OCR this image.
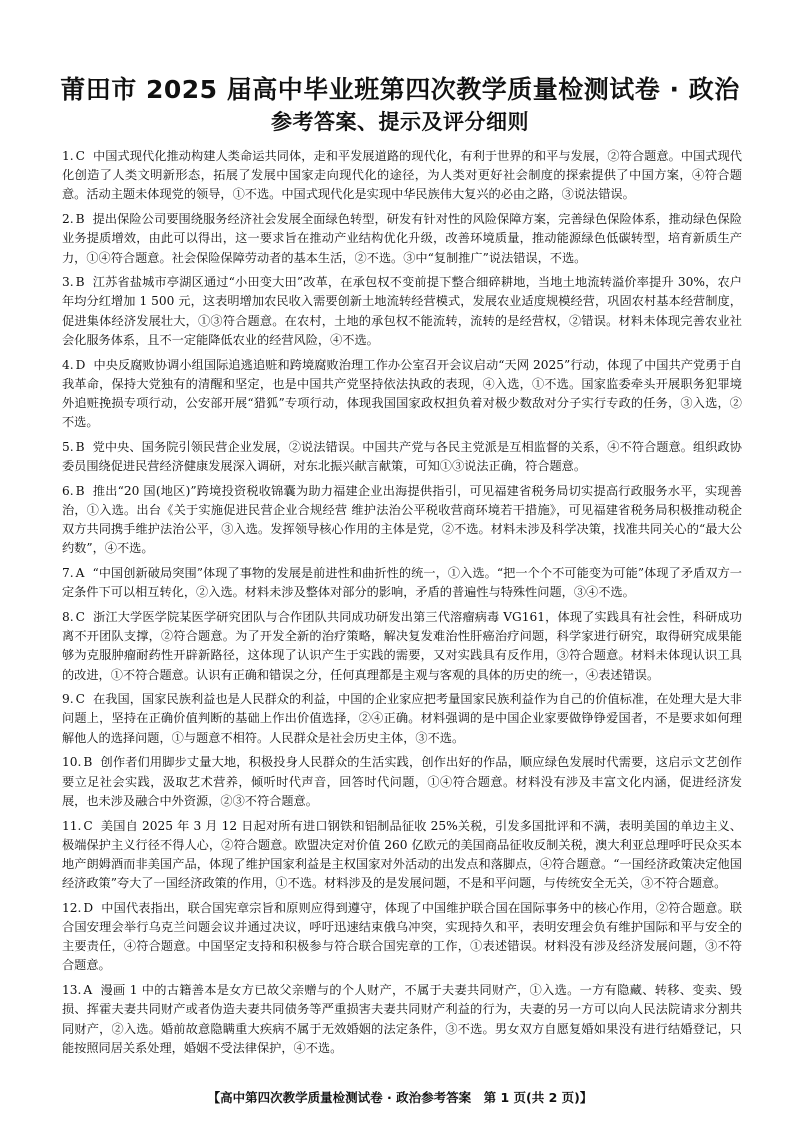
莆田市 2025 届高中毕业班第四次教学质量检测试卷 · 政治
参考答案、提示及评分细则

1. C 中国式现代化推动构建人类命运共同体，走和平发展道路的现代化，有利于世界的和平与发展，②符合题意。中国式现代化创造了人类文明新形态，拓展了发展中国家走向现代化的途径，为人类对更好社会制度的探索提供了中国方案，④符合题意。活动主题未体现党的领导，①不选。中国式现代化是实现中华民族伟大复兴的必由之路，③说法错误。

2. B 提出保险公司要围绕服务经济社会发展全面绿色转型，研发有针对性的风险保障方案，完善绿色保险体系，推动绿色保险业务提质增效，由此可以得出，这一要求旨在推动产业结构优化升级，改善环境质量，推动能源绿色低碳转型，培育新质生产力，①④符合题意。社会保险保障劳动者的基本生活，②不选。③中“复制推广”说法错误，不选。

3. B 江苏省盐城市亭湖区通过“小田变大田”改革，在承包权不变前提下整合细碎耕地，当地土地流转溢价率提升 30%，农户年均分红增加 1 500 元，这表明增加农民收入需要创新土地流转经营模式，发展农业适度规模经营，巩固农村基本经营制度，促进集体经济发展壮大，①③符合题意。在农村，土地的承包权不能流转，流转的是经营权，②错误。材料未体现完善农业社会化服务体系，且不一定能降低农业的经营风险，④不选。

4. D 中央反腐败协调小组国际追逃追赃和跨境腐败治理工作办公室召开会议启动“天网 2025”行动，体现了中国共产党勇于自我革命，保持大党独有的清醒和坚定，也是中国共产党坚持依法执政的表现，④入选，①不选。国家监委牵头开展职务犯罪境外追赃挽损专项行动，公安部开展“猎狐”专项行动，体现我国国家政权担负着对极少数敌对分子实行专政的任务，③入选，②不选。

5. B 党中央、国务院引领民营企业发展，②说法错误。中国共产党与各民主党派是互相监督的关系，④不符合题意。组织政协委员围绕促进民营经济健康发展深入调研，对东北振兴献言献策，可知①③说法正确，符合题意。

6. B 推出“20 国(地区)”跨境投资税收锦囊为助力福建企业出海提供指引，可见福建省税务局切实提高行政服务水平，实现善治，①入选。出台《关于实施促进民营企业合规经营 维护法治公平税收营商环境若干措施》，可见福建省税务局积极推动税企双方共同携手维护法治公平，③入选。发挥领导核心作用的主体是党，②不选。材料未涉及科学决策，找准共同关心的“最大公约数”，④不选。

7. A “中国创新破局突围”体现了事物的发展是前进性和曲折性的统一，①入选。“把一个个不可能变为可能”体现了矛盾双方一定条件下可以相互转化，②入选。材料未涉及整体对部分的影响，矛盾的普遍性与特殊性问题，③④不选。

8. C 浙江大学医学院某医学研究团队与合作团队共同成功研发出第三代溶瘤病毒 VG161，体现了实践具有社会性，科研成功离不开团队支撑，②符合题意。为了开发全新的治疗策略，解决复发难治性肝癌治疗问题，科学家进行研究，取得研究成果能够为克服肿瘤耐药性开辟新路径，这体现了认识产生于实践的需要，又对实践具有反作用，③符合题意。材料未体现认识工具的改进，①不符合题意。认识有正确和错误之分，任何真理都是主观与客观的具体的历史的统一，④表述错误。

9. C 在我国，国家民族利益也是人民群众的利益，中国的企业家应把考量国家民族利益作为自己的价值标准，在处理大是大非问题上，坚持在正确价值判断的基础上作出价值选择，②④正确。材料强调的是中国企业家要做铮铮爱国者，不是要求如何理解他人的选择问题，①与题意不相符。人民群众是社会历史主体，③不选。

10. B 创作者们用脚步丈量大地，积极投身人民群众的生活实践，创作出好的作品，顺应绿色发展时代需要，这启示文艺创作要立足社会实践，汲取艺术营养，倾听时代声音，回答时代问题，①④符合题意。材料没有涉及丰富文化内涵，促进经济发展，也未涉及融合中外资源，②③不符合题意。

11. C 美国自 2025 年 3 月 12 日起对所有进口钢铁和铝制品征收 25%关税，引发多国批评和不满，表明美国的单边主义、极端保护主义行径不得人心，②符合题意。欧盟决定对价值 260 亿欧元的美国商品征收反制关税，澳大利亚总理呼吁民众买本地产朗姆酒而非美国产品，体现了维护国家利益是主权国家对外活动的出发点和落脚点，④符合题意。“一国经济政策决定他国经济政策”夸大了一国经济政策的作用，①不选。材料涉及的是发展问题，不是和平问题，与传统安全无关，③不符合题意。

12. D 中国代表指出，联合国宪章宗旨和原则应得到遵守，体现了中国维护联合国在国际事务中的核心作用，②符合题意。联合国安理会举行乌克兰问题会议并通过决议，呼吁迅速结束俄乌冲突，实现持久和平，表明安理会负有维护国际和平与安全的主要责任，④符合题意。中国坚定支持和积极参与符合联合国宪章的工作，①表述错误。材料没有涉及经济发展问题，③不符合题意。

13. A 漫画 1 中的古籍善本是女方已故父亲赠与的个人财产，不属于夫妻共同财产，①入选。一方有隐藏、转移、变卖、毁损、挥霍夫妻共同财产或者伪造夫妻共同债务等严重损害夫妻共同财产利益的行为，夫妻的另一方可以向人民法院请求分割共同财产，②入选。婚前故意隐瞒重大疾病不属于无效婚姻的法定条件，③不选。男女双方自愿复婚如果没有进行结婚登记，只能按照同居关系处理，婚姻不受法律保护，④不选。

【高中第四次教学质量检测试卷 · 政治参考答案　第 1 页(共 2 页)】
